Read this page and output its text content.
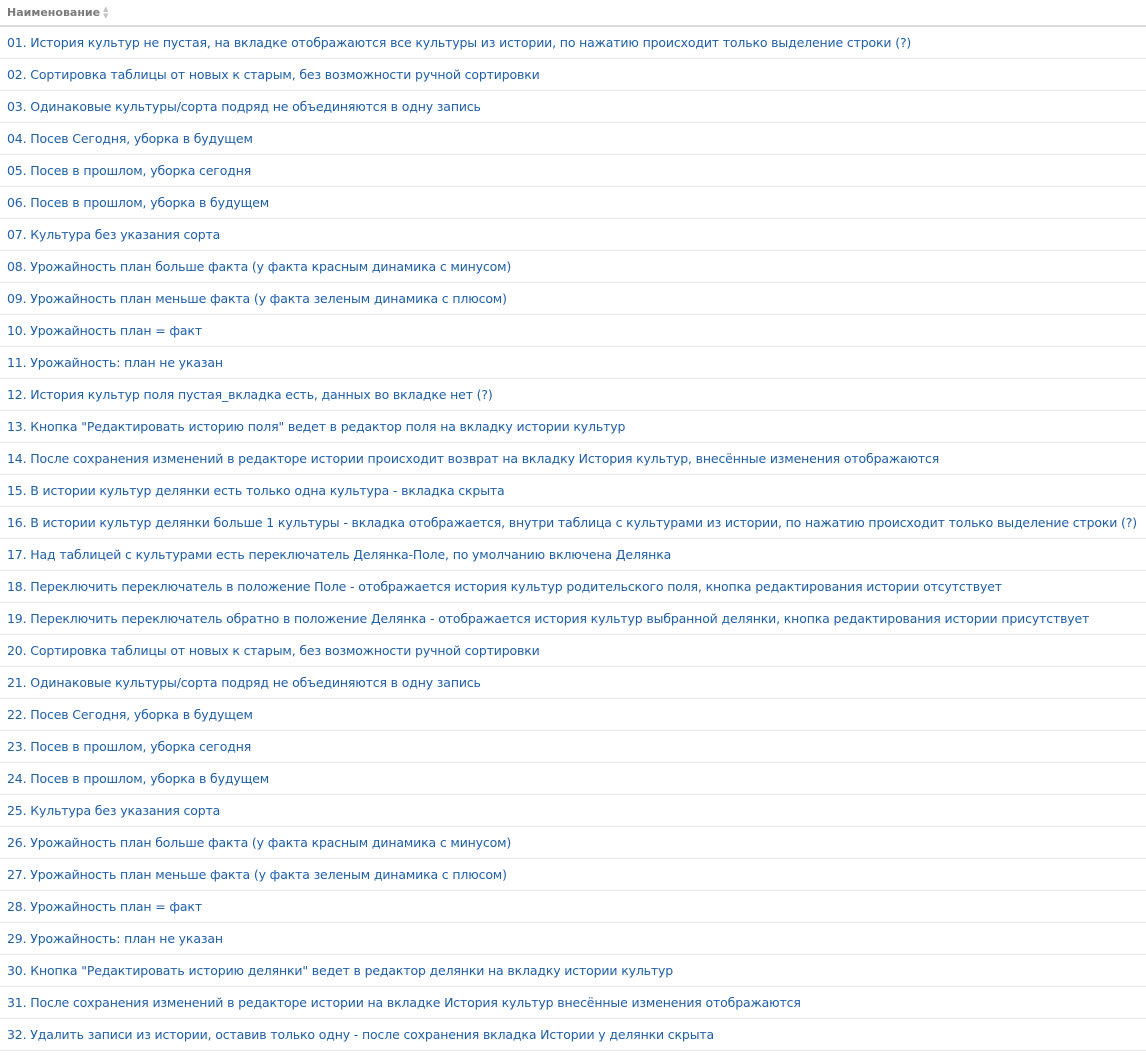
Наименование ▲
▼
01. История культур не пустая, на вкладке отображаются все культуры из истории, по нажатию происходит только выделение строки (?)
02. Сортировка таблицы от новых к старым, без возможности ручной сортировки
03. Одинаковые культуры/сорта подряд не объединяются в одну запись
04. Посев Сегодня, уборка в будущем
05. Посев в прошлом, уборка сегодня
06. Посев в прошлом, уборка в будущем
07. Культура без указания сорта
08. Урожайность план больше факта (у факта красным динамика с минусом)
09. Урожайность план меньше факта (у факта зеленым динамика с плюсом)
10. Урожайность план = факт
11. Урожайность: план не указан
12. История культур поля пустая_вкладка есть, данных во вкладке нет (?)
13. Кнопка "Редактировать историю поля" ведет в редактор поля на вкладку истории культур
14. После сохранения изменений в редакторе истории происходит возврат на вкладку История культур, внесённые изменения отображаются
15. В истории культур делянки есть только одна культура - вкладка скрыта
16. В истории культур делянки больше 1 культуры - вкладка отображается, внутри таблица с культурами из истории, по нажатию происходит только выделение строки (?)
17. Над таблицей с культурами есть переключатель Делянка-Поле, по умолчанию включена Делянка
18. Переключить переключатель в положение Поле - отображается история культур родительского поля, кнопка редактирования истории отсутствует
19. Переключить переключатель обратно в положение Делянка - отображается история культур выбранной делянки, кнопка редактирования истории присутствует
20. Сортировка таблицы от новых к старым, без возможности ручной сортировки
21. Одинаковые культуры/сорта подряд не объединяются в одну запись
22. Посев Сегодня, уборка в будущем
23. Посев в прошлом, уборка сегодня
24. Посев в прошлом, уборка в будущем
25. Культура без указания сорта
26. Урожайность план больше факта (у факта красным динамика с минусом)
27. Урожайность план меньше факта (у факта зеленым динамика с плюсом)
28. Урожайность план = факт
29. Урожайность: план не указан
30. Кнопка "Редактировать историю делянки" ведет в редактор делянки на вкладку истории культур
31. После сохранения изменений в редакторе истории на вкладке История культур внесённые изменения отображаются
32. Удалить записи из истории, оставив только одну - после сохранения вкладка Истории у делянки скрыта
